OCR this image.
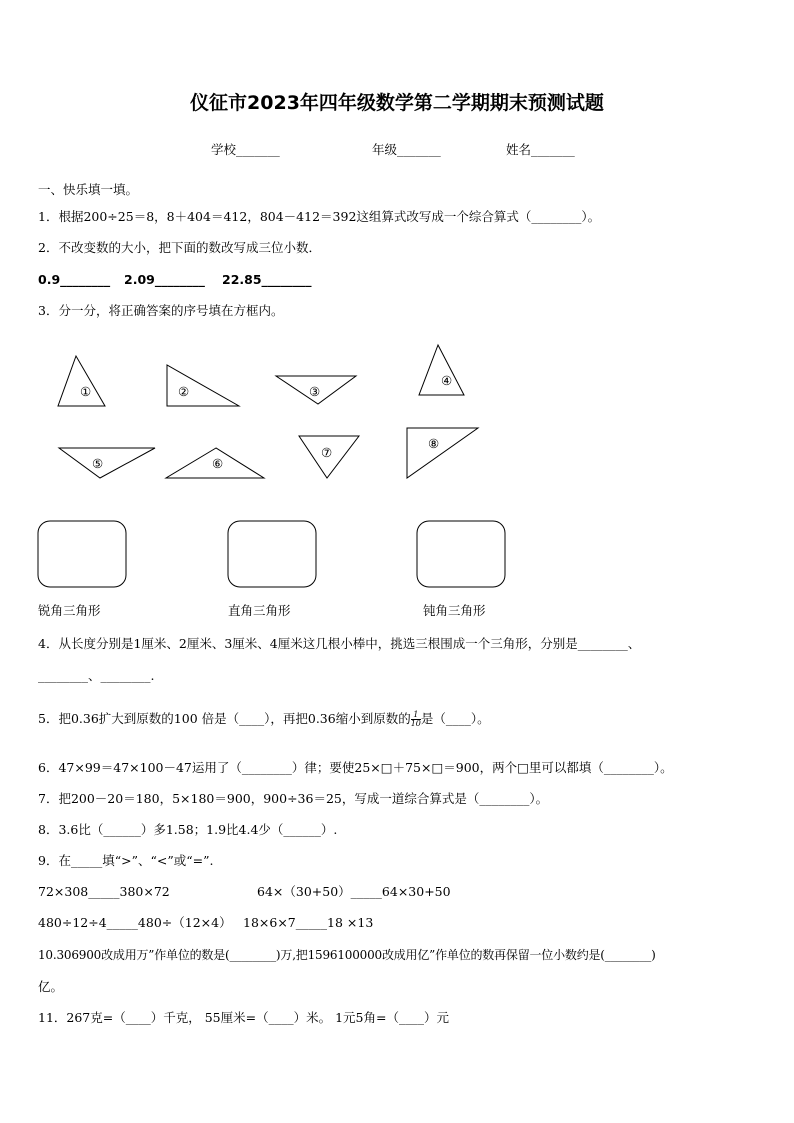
仪征市2023年四年级数学第二学期期末预测试题
学校_______	年级_______	姓名_______
一、快乐填一填。
1．根据200÷25＝8，8＋404＝412，804－412＝392这组算式改写成一个综合算式（________）。
2．不改变数的大小，把下面的数改写成三位小数．
0.9________ 2.09________ 22.85________
3．分一分，将正确答案的序号填在方框内。
①	②	③
④
⑤	⑥
⑦
⑧
锐角三角形	直角三角形	钝角三角形
4．从长度分别是1厘米、2厘米、3厘米、4厘米这几根小棒中，挑选三根围成一个三角形，分别是________、
________、________.
5．把0.36扩大到原数的100 倍是（____），再把0.36缩小到原数的 $\frac{1}{10}$ 是（____）。
6．47×99＝47×100－47运用了（________）律；要使25×□＋75×□＝900，两个□里可以都填（________）。
7．把200－20＝180，5×180＝900，900÷36＝25，写成一道综合算式是（________）。
8．3.6比（______）多1.58；1.9比4.4少（______）.
9．在_____填“>”、“<”或“=”.
72×308_____380×72	64×（30+50）_____64×30+50
480÷12÷4_____480÷（12×4） 18×6×7_____18 ×13
10.306900改成用万”作单位的数是(________)万,把1596100000改成用亿”作单位的数再保留一位小数约是(________)
亿。
11．267克=（____）千克， 55厘米=（____）米。 1元5角=（____）元
